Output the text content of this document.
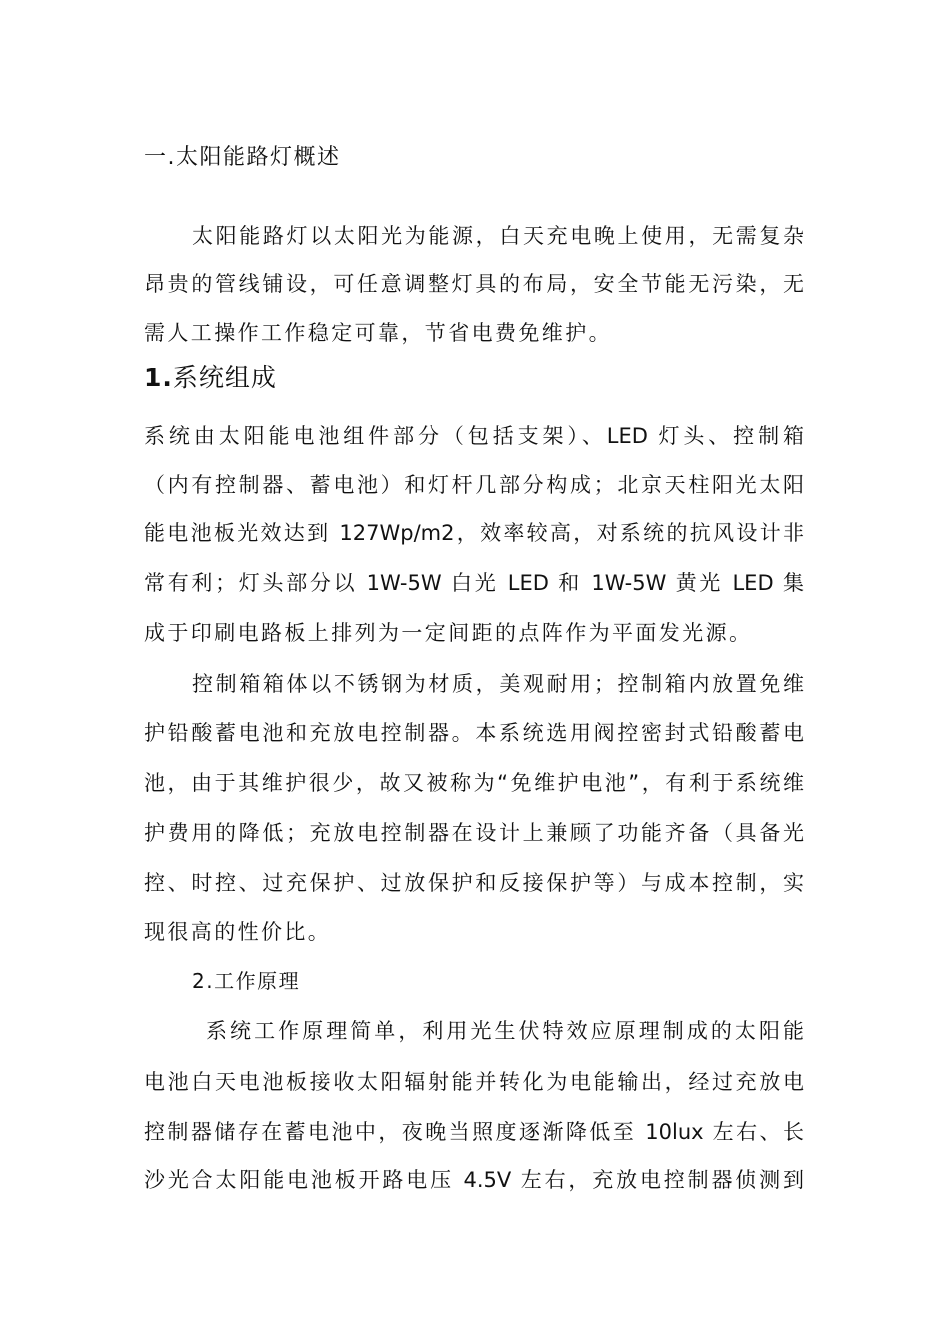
一.太阳能路灯概述
太阳能路灯以太阳光为能源，白天充电晚上使用，无需复杂
昂贵的管线铺设，可任意调整灯具的布局，安全节能无污染，无
需人工操作工作稳定可靠，节省电费免维护。
1.系统组成
系统由太阳能电池组件部分（包括支架）、LED 灯头、控制箱
（内有控制器、蓄电池）和灯杆几部分构成；北京天柱阳光太阳
能电池板光效达到 127Wp/m2，效率较高，对系统的抗风设计非
常有利；灯头部分以 1W-5W 白光 LED 和 1W-5W 黄光 LED 集
成于印刷电路板上排列为一定间距的点阵作为平面发光源。
控制箱箱体以不锈钢为材质，美观耐用；控制箱内放置免维
护铅酸蓄电池和充放电控制器。本系统选用阀控密封式铅酸蓄电
池，由于其维护很少，故又被称为“免维护电池”，有利于系统维
护费用的降低；充放电控制器在设计上兼顾了功能齐备（具备光
控、时控、过充保护、过放保护和反接保护等）与成本控制，实
现很高的性价比。
2.工作原理
系统工作原理简单，利用光生伏特效应原理制成的太阳能
电池白天电池板接收太阳辐射能并转化为电能输出，经过充放电
控制器储存在蓄电池中，夜晚当照度逐渐降低至 10lux 左右、长
沙光合太阳能电池板开路电压 4.5V 左右，充放电控制器侦测到
